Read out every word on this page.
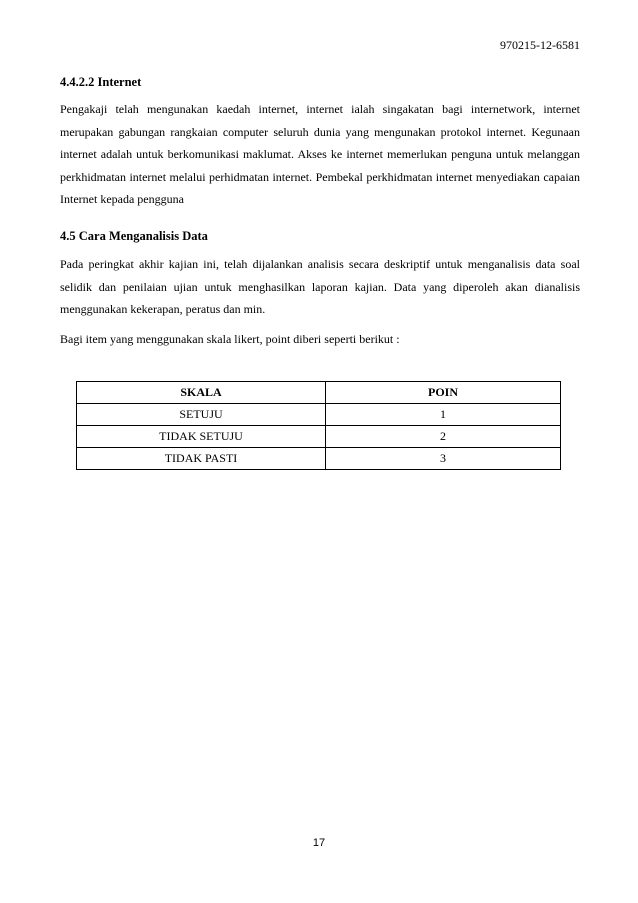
970215-12-6581
4.4.2.2 Internet
Pengakaji telah mengunakan kaedah internet, internet ialah singakatan bagi internetwork, internet merupakan gabungan rangkaian computer seluruh dunia yang mengunakan protokol internet. Kegunaan internet adalah untuk berkomunikasi maklumat. Akses ke internet memerlukan penguna untuk melanggan perkhidmatan internet melalui perhidmatan internet. Pembekal perkhidmatan internet menyediakan capaian Internet kepada pengguna
4.5 Cara Menganalisis Data
Pada peringkat akhir kajian ini, telah dijalankan analisis secara deskriptif untuk menganalisis data soal selidik dan penilaian ujian untuk menghasilkan laporan kajian. Data yang diperoleh akan dianalisis menggunakan kekerapan, peratus dan min.
Bagi item yang menggunakan skala likert, point diberi seperti berikut :
SKALA	POIN
SETUJU	1
TIDAK SETUJU	2
TIDAK PASTI	3
17
